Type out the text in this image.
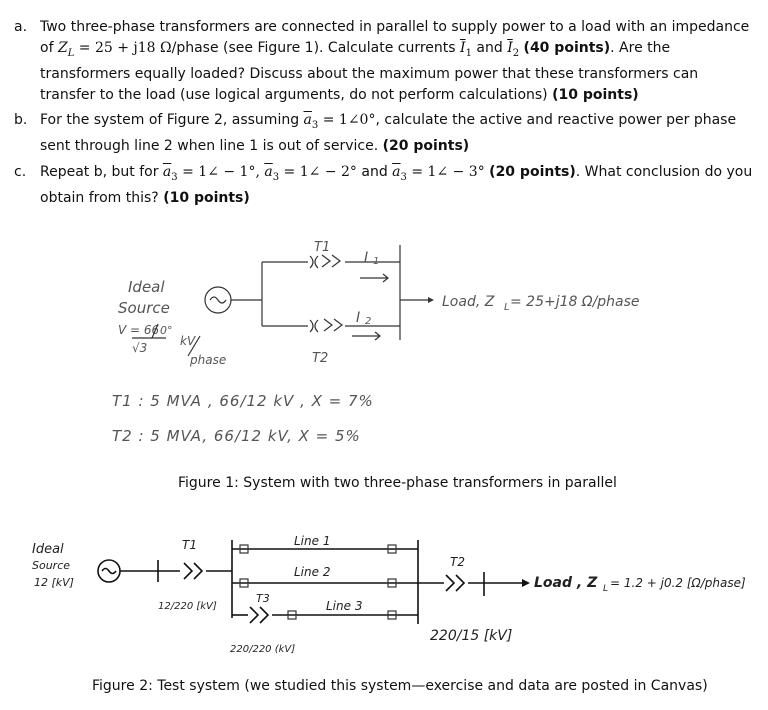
a. Two three-phase transformers are connected in parallel to supply power to a load with an impedance of $Z_L = 25 + j18$ Ω/phase (see Figure 1). Calculate currents $\overline{I}_1$ and $\overline{I}_2$ (40 points). Are the transformers equally loaded? Discuss about the maximum power that these transformers can transfer to the load (use logical arguments, do not perform calculations) (10 points)
b. For the system of Figure 2, assuming $\overline{a}_3$ = 1∠0°, calculate the active and reactive power per phase sent through line 2 when line 1 is out of service. (20 points)
c. Repeat b, but for $\overline{a}_3$ = 1∠ − 1°, $\overline{a}_3$ = 1∠ − 2° and $\overline{a}_3$ = 1∠ − 3° (20 points). What conclusion do you obtain from this? (10 points)
Ideal
Source
T1
T2
I 1
I 2
Load, Z L = 25+j18 Ω/phase
V = 66
√3
0°
kV
phase
T1 : 5 MVA , 66/12 kV , X = 7%
T2 : 5 MVA, 66/12 kV, X = 5%
Ideal
Source
12 [kV]
T1
12/220 [kV]
Line 1
Line 2
T3
Line 3
220/220 (kV]
T2
220/15 [kV]
Load , Z L = 1.2 + j0.2 [Ω/phase]
Figure 1: System with two three-phase transformers in parallel
Figure 2: Test system (we studied this system—exercise and data are posted in Canvas)
